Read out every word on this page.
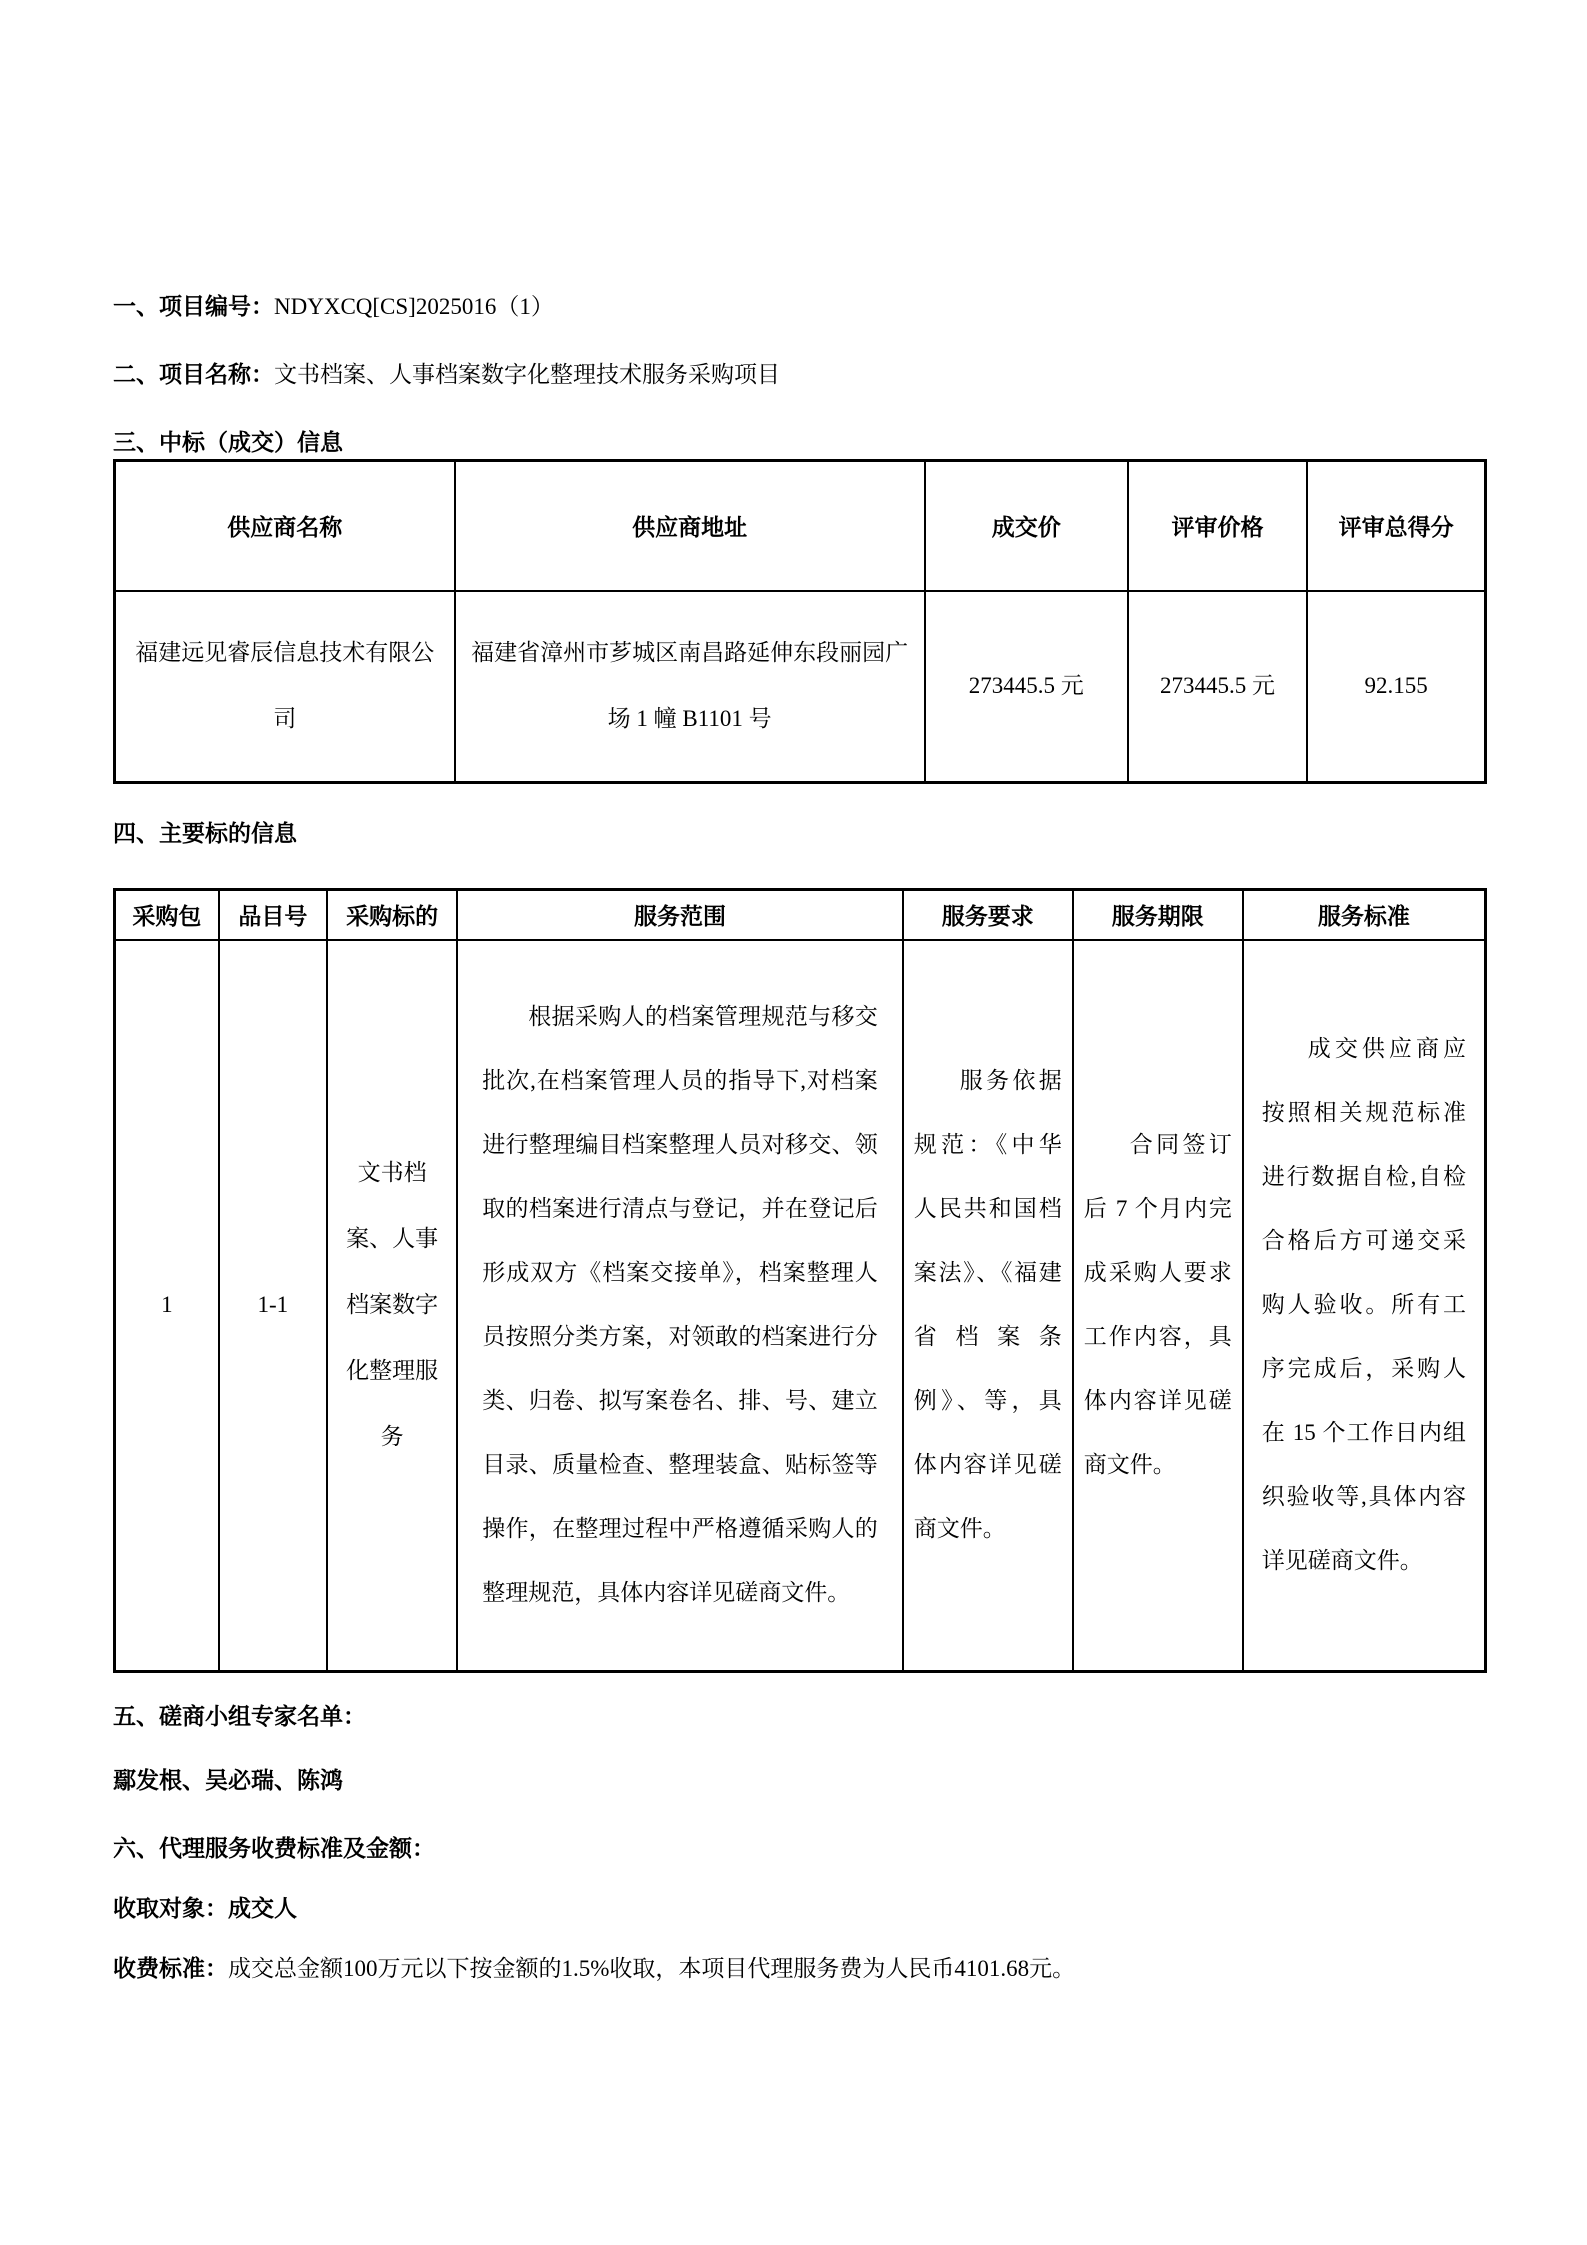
一、项目编号：NDYXCQ[CS]2025016（1）

二、项目名称：文书档案、人事档案数字化整理技术服务采购项目

三、中标（成交）信息

供应商名称	供应商地址	成交价	评审价格	评审总得分
福建远见睿辰信息技术有限公司	福建省漳州市芗城区南昌路延伸东段丽园广场 1 幢 B1101 号	273445.5 元	273445.5 元	92.155

四、主要标的信息

采购包	品目号	采购标的	服务范围	服务要求	服务期限	服务标准
1	1-1	文书档案、人事档案数字化整理服务	根据采购人的档案管理规范与移交批次,在档案管理人员的指导下,对档案进行整理编目档案整理人员对移交、领取的档案进行清点与登记，并在登记后形成双方《档案交接单》，档案整理人员按照分类方案，对领敢的档案进行分类、归卷、拟写案卷名、排、号、建立目录、质量检查、整理装盒、贴标签等操作，在整理过程中严格遵循采购人的整理规范，具体内容详见磋商文件。	服务依据规范：《中华人民共和国档案法》、《福建省档案条例》、等，具体内容详见磋商文件。	合同签订后 7 个月内完成采购人要求工作内容，具体内容详见磋商文件。	成交供应商应按照相关规范标准进行数据自检,自检合格后方可递交采购人验收。所有工序完成后，采购人在 15 个工作日内组织验收等,具体内容详见磋商文件。

五、磋商小组专家名单：

鄢发根、吴必瑞、陈鸿

六、代理服务收费标准及金额：

收取对象：成交人

收费标准：成交总金额100万元以下按金额的1.5%收取，本项目代理服务费为人民币4101.68元。
